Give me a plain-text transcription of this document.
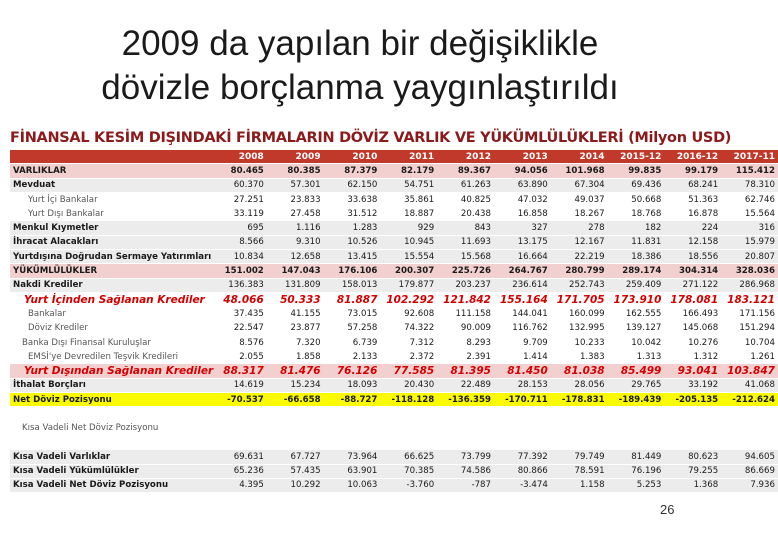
2009 da yapılan bir değişiklikle
dövizle borçlanma yaygınlaştırıldı
FİNANSAL KESİM DIŞINDAKİ FİRMALARIN DÖVİZ VARLIK VE YÜKÜMLÜLÜKLERİ (Milyon USD)
	2008	2009	2010	2011	2012	2013	2014	2015-12	2016-12	2017-11
VARLIKLAR	80.465	80.385	87.379	82.179	89.367	94.056	101.968	99.835	99.179	115.412
Mevduat	60.370	57.301	62.150	54.751	61.263	63.890	67.304	69.436	68.241	78.310
Yurt İçi Bankalar	27.251	23.833	33.638	35.861	40.825	47.032	49.037	50.668	51.363	62.746
Yurt Dışı Bankalar	33.119	27.458	31.512	18.887	20.438	16.858	18.267	18.768	16.878	15.564
Menkul Kıymetler	695	1.116	1.283	929	843	327	278	182	224	316
İhracat Alacakları	8.566	9.310	10.526	10.945	11.693	13.175	12.167	11.831	12.158	15.979
Yurtdışına Doğrudan Sermaye Yatırımları	10.834	12.658	13.415	15.554	15.568	16.664	22.219	18.386	18.556	20.807
YÜKÜMLÜLÜKLER	151.002	147.043	176.106	200.307	225.726	264.767	280.799	289.174	304.314	328.036
Nakdi Krediler	136.383	131.809	158.013	179.877	203.237	236.614	252.743	259.409	271.122	286.968
Yurt İçinden Sağlanan Krediler	48.066	50.333	81.887	102.292	121.842	155.164	171.705	173.910	178.081	183.121
Bankalar	37.435	41.155	73.015	92.608	111.158	144.041	160.099	162.555	166.493	171.156
Döviz Krediler	22.547	23.877	57.258	74.322	90.009	116.762	132.995	139.127	145.068	151.294
Banka Dışı Finansal Kuruluşlar	8.576	7.320	6.739	7.312	8.293	9.709	10.233	10.042	10.276	10.704
EMSİ'ye Devredilen Teşvik Kredileri	2.055	1.858	2.133	2.372	2.391	1.414	1.383	1.313	1.312	1.261
Yurt Dışından Sağlanan Krediler	88.317	81.476	76.126	77.585	81.395	81.450	81.038	85.499	93.041	103.847
İthalat Borçları	14.619	15.234	18.093	20.430	22.489	28.153	28.056	29.765	33.192	41.068
Net Döviz Pozisyonu	-70.537	-66.658	-88.727	-118.128	-136.359	-170.711	-178.831	-189.439	-205.135	-212.624

Kısa Vadeli Net Döviz Pozisyonu										

Kısa Vadeli Varlıklar	69.631	67.727	73.964	66.625	73.799	77.392	79.749	81.449	80.623	94.605
Kısa Vadeli Yükümlülükler	65.236	57.435	63.901	70.385	74.586	80.866	78.591	76.196	79.255	86.669
Kısa Vadeli Net Döviz Pozisyonu	4.395	10.292	10.063	-3.760	-787	-3.474	1.158	5.253	1.368	7.936
26
